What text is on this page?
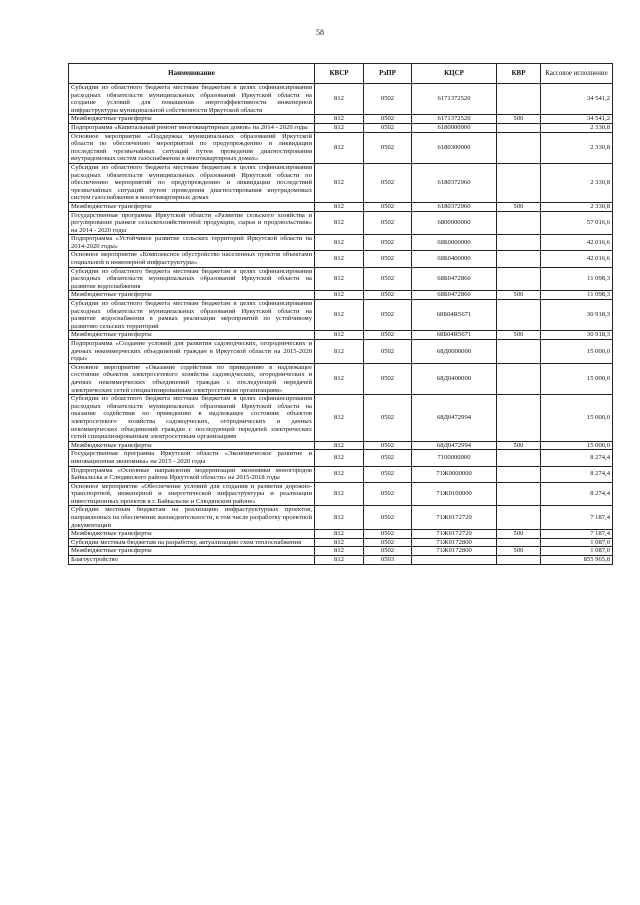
58
Наименование	КВСР	РзПР	КЦСР	КВР	Кассовое исполнение
Субсидии из областного бюджета местным бюджетам в целях софинансирования расходных обязательств муниципальных образований Иркутской области на создание условий для повышения энергоэффективности инженерной инфраструктуры муниципальной собственности Иркутской области	812	0502	6171372520		34 541,2
Межбюджетные трансферты	812	0502	6171372520	500	34 541,2
Подпрограмма «Капитальный ремонт многоквартирных домов» на 2014 - 2020 годы	812	0502	6180000000		2 330,8
Основное мероприятие «Поддержка муниципальных образований Иркутской области по обеспечению мероприятий по предупреждению и ликвидации последствий чрезвычайных ситуаций путем проведения диагностирования внутридомовых систем газоснабжения в многоквартирных домах»	812	0502	6180300000		2 330,8
Субсидии из областного бюджета местным бюджетам в целях софинансирования расходных обязательств муниципальных образований Иркутской области по обеспечению мероприятий по предупреждению и ликвидации последствий чрезвычайных ситуаций путем проведения диагностирования внутридомовых систем газоснабжения в многоквартирных домах	812	0502	6180372960		2 330,8
Межбюджетные трансферты	812	0502	6180372960	500	2 330,8
Государственная программа Иркутской области «Развитие сельского хозяйства и регулирование рынков сельскохозяйственной продукции, сырья и продовольствия» на 2014 - 2020 годы	812	0502	6800000000		57 016,6
Подпрограмма «Устойчивое развитие сельских территорий Иркутской области на 2014-2020 годы»	812	0502	68Б0000000		42 016,6
Основное мероприятие «Комплексное обустройство населенных пунктов объектами социальной и инженерной инфраструктуры»	812	0502	68Б0400000		42 016,6
Субсидии из областного бюджета местным бюджетам в целях софинансирования расходных обязательств муниципальных образований Иркутской области на развитие водоснабжения	812	0502	68Б0472860		11 098,3
Межбюджетные трансферты	812	0502	68Б0472860	500	11 098,3
Субсидии из областного бюджета местным бюджетам в целях софинансирования расходных обязательств муниципальных образований Иркутской области на развитие водоснабжения в рамках реализации мероприятий по устойчивому развитию сельских территорий	812	0502	68Б04R5671		30 918,3
Межбюджетные трансферты	812	0502	68Б04R5671	500	30 918,3
Подпрограмма «Создание условий для развития садоводческих, огороднических и дачных некоммерческих объединений граждан в Иркутской области на 2015-2020 годы»	812	0502	68Д0000000		15 000,0
Основное мероприятие «Оказание содействия по приведению в надлежащее состояние объектов электросетевого хозяйства садоводческих, огороднических и дачных некоммерческих объединений граждан с последующей передачей электрических сетей специализированным электросетевым организациям»	812	0502	68Д0400000		15 000,0
Субсидии из областного бюджета местным бюджетам в целях софинансирования расходных обязательств муниципальных образований Иркутской области на оказание содействия по приведению в надлежащее состояние объектов электросетевого хозяйства садоводческих, огороднических и дачных некоммерческих объединений граждан с последующей передачей электрических сетей специализированным электросетевым организациям	812	0502	68Д0472994		15 000,0
Межбюджетные трансферты	812	0502	68Д0472994	500	15 000,0
Государственная программа Иркутской области «Экономическое развитие и инновационная экономика» на 2015 - 2020 годы	812	0502	7100000000		8 274,4
Подпрограмма «Основные направления модернизации экономики моногородов Байкальска и Слюдянского района Иркутской области» на 2015-2018 годы	812	0502	71Ж0000000		8 274,4
Основное мероприятие «Обеспечение условий для создания и развития дорожно-транспортной, инженерной и энергетической инфраструктуры и реализации инвестиционных проектов в г. Байкальске и Слюдянском районе»	812	0502	71Ж0100000		8 274,4
Субсидии местным бюджетам на реализацию инфраструктурных проектов, направленных на обеспечение жизнедеятельности, в том числе разработку проектной документации	812	0502	71Ж0172720		7 187,4
Межбюджетные трансферты	812	0502	71Ж0172720	500	7 187,4
Субсидии местным бюджетам на разработку, актуализацию схем теплоснабжения	812	0502	71Ж0172800		1 087,0
Межбюджетные трансферты	812	0502	71Ж0172800	500	1 087,0
Благоустройство	812	0503			855 965,8
